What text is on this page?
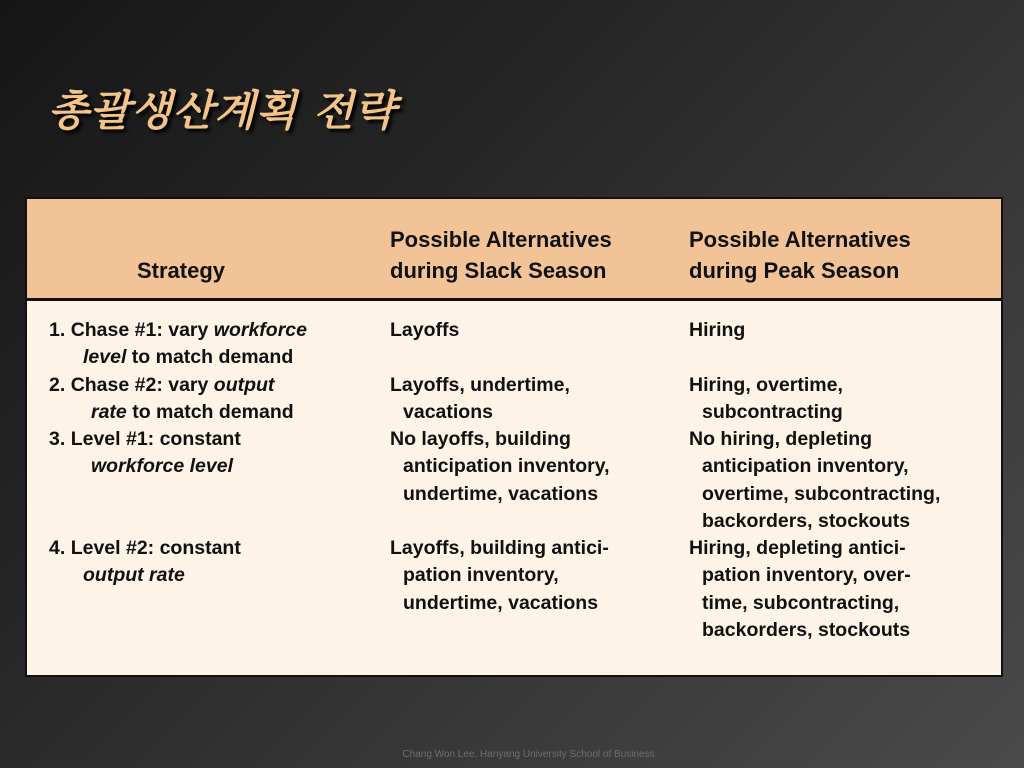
총괄생산계획 전략
Strategy
Possible Alternatives
during Slack Season
Possible Alternatives
during Peak Season
1. Chase #1: vary workforce
level to match demand
Layoffs	Hiring
2. Chase #2: vary output
rate to match demand
Layoffs, undertime,
vacations
Hiring, overtime,
subcontracting
3. Level #1: constant
workforce level
No layoffs, building
anticipation inventory,
undertime, vacations
No hiring, depleting
anticipation inventory,
overtime, subcontracting,
backorders, stockouts
4. Level #2: constant
output rate
Layoffs, building antici-
pation inventory,
undertime, vacations
Hiring, depleting antici-
pation inventory, over-
time, subcontracting,
backorders, stockouts
Chang Won Lee, Hanyang University School of Business
